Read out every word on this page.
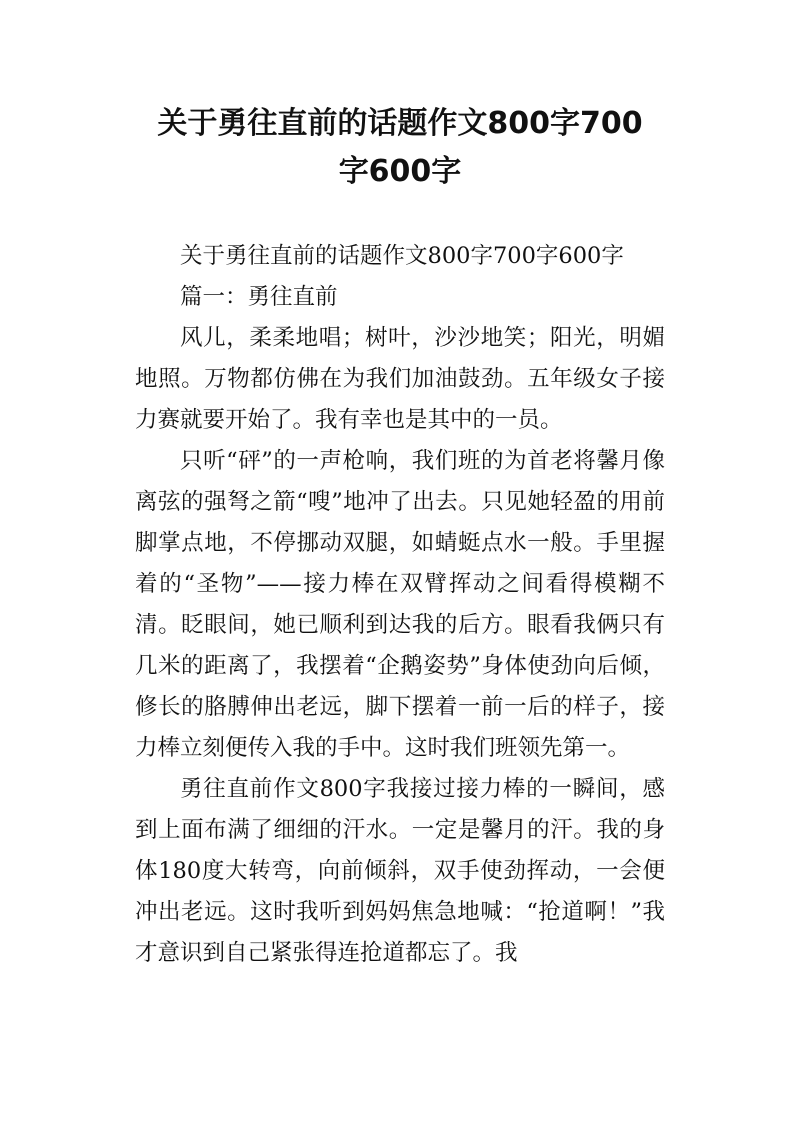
关于勇往直前的话题作文800字700
字600字

关于勇往直前的话题作文800字700字600字

篇一：勇往直前

风儿，柔柔地唱；树叶，沙沙地笑；阳光，明媚地照。万物都仿佛在为我们加油鼓劲。五年级女子接力赛就要开始了。我有幸也是其中的一员。

只听“砰”的一声枪响，我们班的为首老将馨月像离弦的强弩之箭“嗖”地冲了出去。只见她轻盈的用前脚掌点地，不停挪动双腿，如蜻蜓点水一般。手里握着的“圣物”——接力棒在双臂挥动之间看得模糊不清。眨眼间，她已顺利到达我的后方。眼看我俩只有几米的距离了，我摆着“企鹅姿势”身体使劲向后倾，修长的胳膊伸出老远，脚下摆着一前一后的样子，接力棒立刻便传入我的手中。这时我们班领先第一。

勇往直前作文800字我接过接力棒的一瞬间，感到上面布满了细细的汗水。一定是馨月的汗。我的身体180度大转弯，向前倾斜，双手使劲挥动，一会便冲出老远。这时我听到妈妈焦急地喊：“抢道啊！”我才意识到自己紧张得连抢道都忘了。我
